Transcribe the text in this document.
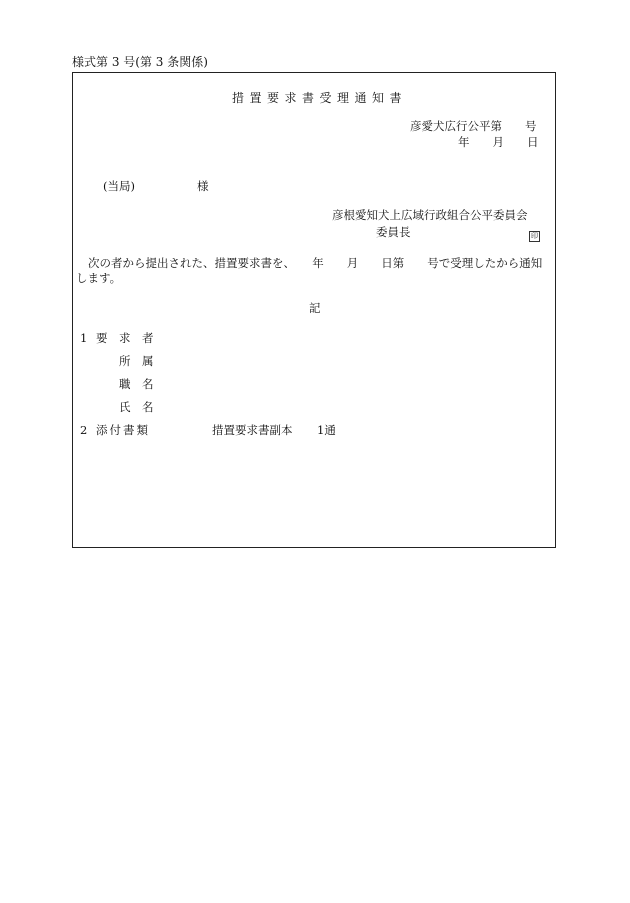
様式第 3 号(第 3 条関係)
措置要求書受理通知書
彦愛犬広行公平第　　号
年　　月　　日
(当局)	様
彦根愛知犬上広域行政組合公平委員会
委員長	印
次の者から提出された、措置要求書を、　　年　　月　　日第　　号で受理したから通知
します。
記
1 要　求　者
所　属
職　名
氏　名
2 添付書類	措置要求書副本 1通
